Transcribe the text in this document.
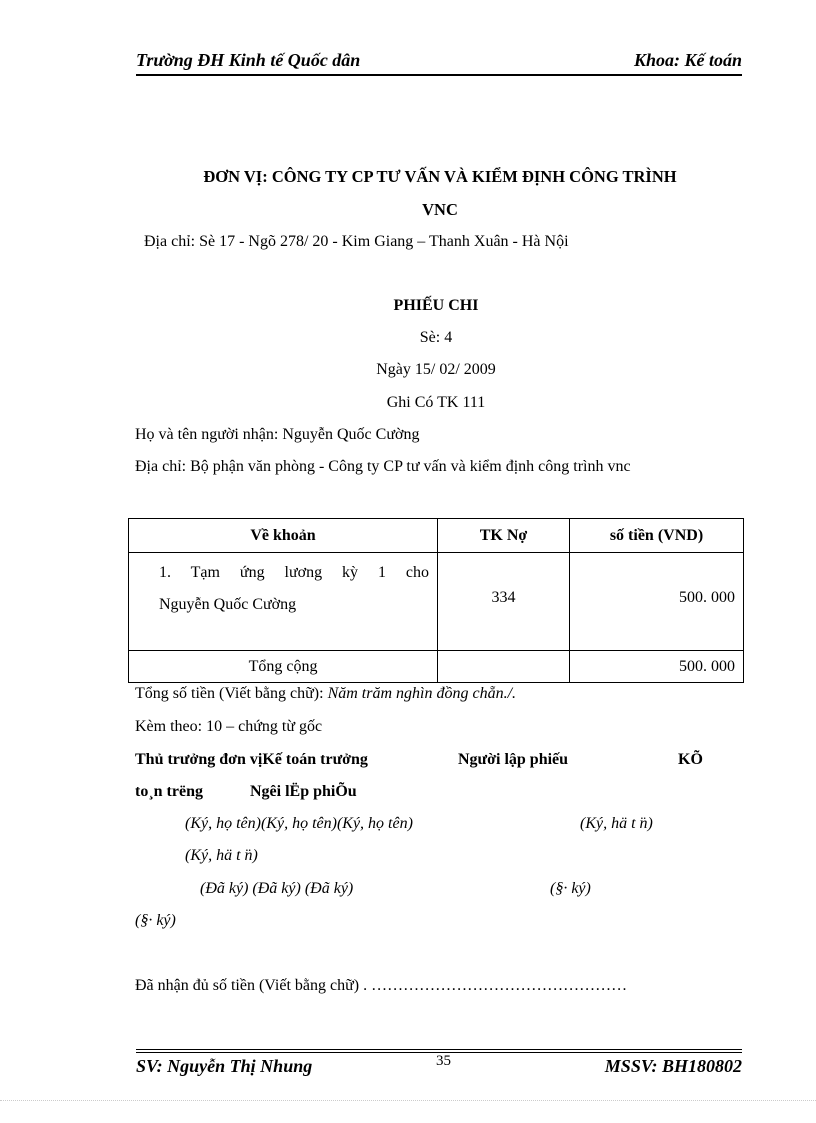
Trường ĐH Kinh tế Quốc dân	Khoa: Kế toán
ĐƠN VỊ: CÔNG TY CP TƯ VẤN VÀ KIỂM ĐỊNH CÔNG TRÌNH
VNC
Địa chỉ: Sè 17 - Ngõ 278/ 20 - Kim Giang – Thanh Xuân - Hà Nội
PHIẾU CHI
Sè: 4
Ngày 15/ 02/ 2009
Ghi Có TK 111
Họ và tên người nhận: Nguyễn Quốc Cường
Địa chỉ: Bộ phận văn phòng - Công ty CP tư vấn và kiểm định công trình vnc
Về khoản	TK Nợ	số tiền (VND)

1. Tạm ứng lương kỳ 1 cho
Nguyễn Quốc Cường	334	500. 000
Tổng cộng		500. 000
Tổng số tiền (Viết bằng chữ): Năm trăm nghìn đồng chẵn./.
Kèm theo: 10 – chứng từ gốc
Thủ trưởng đơn vịKế toán trưởng	Người lập phiếu	KÕ
to¸n trëng	Ngêi lËp phiÕu
(Ký, họ tên)(Ký, họ tên)(Ký, họ tên)	(Ký, hä t ̈n)
(Ký, hä t ̈n)
(Đã ký) (Đã ký) (Đã ký)	(§· ký)
(§· ký)
Đã nhận đủ số tiền (Viết bằng chữ) . …………………………………………
SV: Nguyễn Thị Nhung	35	MSSV: BH180802
